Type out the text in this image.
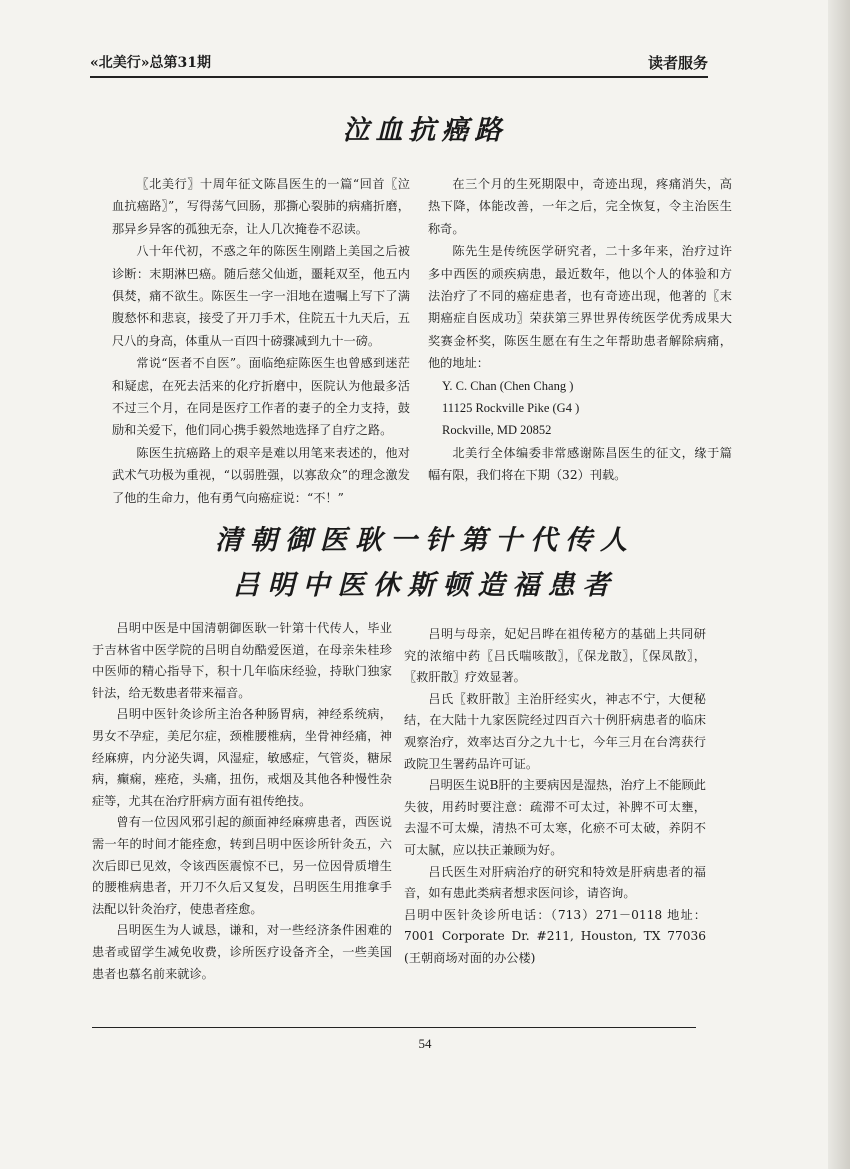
«北美行»总第31期	读者服务
泣血抗癌路

〖北美行〗十周年征文陈昌医生的一篇“回首〖泣血抗癌路〗”，写得荡气回肠，那撕心裂肺的病痛折磨，那异乡异客的孤独无奈，让人几次掩卷不忍读。

八十年代初，不惑之年的陈医生刚踏上美国之后被诊断：末期淋巴癌。随后慈父仙逝，噩耗双至，他五内俱焚，痛不欲生。陈医生一字一泪地在遗嘱上写下了满腹愁怀和悲哀，接受了开刀手术，住院五十九天后，五尺八的身高，体重从一百四十磅骤减到九十一磅。

常说“医者不自医”。面临绝症陈医生也曾感到迷茫和疑虑，在死去活来的化疗折磨中，医院认为他最多活不过三个月，在同是医疗工作者的妻子的全力支持，鼓励和关爱下，他们同心携手毅然地选择了自疗之路。

陈医生抗癌路上的艰辛是难以用笔来表述的，他对武术气功极为重视，“以弱胜强，以寡敌众”的理念激发了他的生命力，他有勇气向癌症说：“不！”

在三个月的生死期限中，奇迹出现，疼痛消失，高热下降，体能改善，一年之后，完全恢复，令主治医生称奇。

陈先生是传统医学研究者，二十多年来，治疗过许多中西医的顽疾病患，最近数年，他以个人的体验和方法治疗了不同的癌症患者，也有奇迹出现，他著的〖末期癌症自医成功〗荣获第三界世界传统医学优秀成果大奖赛金杯奖，陈医生愿在有生之年帮助患者解除病痛，他的地址：

Y. C. Chan (Chen Chang )

11125 Rockville Pike (G4 )

Rockville, MD 20852

北美行全体编委非常感谢陈昌医生的征文，缘于篇幅有限，我们将在下期（32）刊载。

清朝御医耿一针第十代传人
吕明中医休斯顿造福患者

吕明中医是中国清朝御医耿一针第十代传人，毕业于吉林省中医学院的吕明自幼酷爱医道，在母亲朱桂珍中医师的精心指导下，积十几年临床经验，持耿门独家针法，给无数患者带来福音。

吕明中医针灸诊所主治各种肠胃病，神经系统病，男女不孕症，美尼尔症，颈椎腰椎病，坐骨神经痛，神经麻痹，内分泌失调，风湿症，敏感症，气管炎，糖尿病，癫痫，痤疮，头痛，扭伤，戒烟及其他各种慢性杂症等，尤其在治疗肝病方面有祖传绝技。

曾有一位因风邪引起的颜面神经麻痹患者，西医说需一年的时间才能痊愈，转到吕明中医诊所针灸五，六次后即已见效，令该西医震惊不已，另一位因骨质增生的腰椎病患者，开刀不久后又复发，吕明医生用推拿手法配以针灸治疗，使患者痊愈。

吕明医生为人诚恳，谦和，对一些经济条件困难的患者或留学生减免收费，诊所医疗设备齐全，一些美国患者也慕名前来就诊。

吕明与母亲，妃妃吕晔在祖传秘方的基础上共同研究的浓缩中药〖吕氏喘咳散〗，〖保龙散〗，〖保凤散〗，〖救肝散〗疗效显著。

吕氏〖救肝散〗主治肝经实火，神志不宁，大便秘结，在大陆十九家医院经过四百六十例肝病患者的临床观察治疗，效率达百分之九十七，今年三月在台湾获行政院卫生署药品许可证。

吕明医生说B肝的主要病因是湿热，治疗上不能顾此失彼，用药时要注意：疏滞不可太过，补脾不可太壅，去湿不可太燥，清热不可太寒，化瘀不可太破，养阴不可太腻，应以扶正兼顾为好。

吕氏医生对肝病治疗的研究和特效是肝病患者的福音，如有患此类病者想求医问诊，请咨询。

吕明中医针灸诊所电话：（713）271－0118 地址：7001 Corporate Dr. #211, Houston, TX 77036 (王朝商场对面的办公楼)

54
